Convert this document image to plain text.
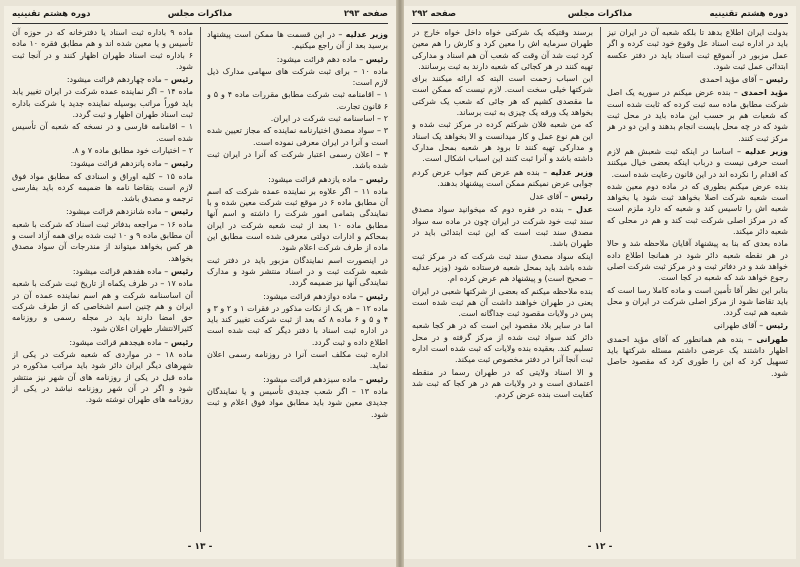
صفحه ۲۹۳
مذاکرات مجلس
دوره هشتم تقنینیه

وزیر عدلیه – در این قسمت ها ممکن است پیشنهاد برسید بعد از آن راجع میکنیم.

رئیس – ماده دهم قرائت میشود:

ماده ۱۰ – برای ثبت شرکت های سهامی مدارک ذیل لازم است:

۱ – اقامنامه ثبت شرکت مطابق مقررات ماده ۴ و ۵ و ۶ قانون تجارت.

۲ – اساسنامه ثبت شرکت در ایران.

۳ – سواد مصدق اختیارنامه نماینده که مجاز تعیین شده است و آنرا در ایران معرفی نموده است.

۴ – اعلان رسمی اعتبار شرکت که آنرا در ایران ثبت شده باشد.

رئیس – ماده یازدهم قرائت میشود:

ماده ۱۱ – اگر علاوه بر نماینده عمده شرکت که اسم آن مطابق ماده ۶ در موقع ثبت شرکت معین شده و با نمایندگی بتمامی امور شرکت را داشته و اسم آنها مطابق ماده ۱۰ بعد از ثبت شعبه شرکت در ایران بمحاکم و ادارات دولتی معرفی شده است مطابق این ماده از طرف شرکت اعلام شود.

در اینصورت اسم نمایندگان مزبور باید در دفتر ثبت شعبه شرکت ثبت و در اسناد منتشر شود و مدارک نمایندگی آنها نیز ضمیمه گردد.

رئیس – ماده دوازدهم قرائت میشود:

ماده ۱۲ – هر یک از نکات مذکور در فقرات ۱ و ۲ و ۳ و ۴ و ۵ و ۶ ماده ۸ که بعد از ثبت شرکت تغییر کند باید در اداره ثبت اسناد با دفتر دیگر که ثبت شده است اطلاع داده و ثبت گردد.

اداره ثبت مکلف است آنرا در روزنامه رسمی اعلان نماید.

رئیس – ماده سیزدهم قرائت میشود:

ماده ۱۳ – اگر شعب جدیدی تأسیس و یا نمایندگان جدیدی معین شود باید مطابق مواد فوق اعلام و ثبت شود.

ماده ۹ باداره ثبت اسناد یا دفترخانه که در حوزه آن تأسیس و یا معین شده اند و هم مطابق فقره ۱۰ ماده ۶ باداره ثبت اسناد طهران اظهار کنند و در آنجا ثبت شود.

رئیس – ماده چهاردهم قرائت میشود:

ماده ۱۴ – اگر نماینده عمده شرکت در ایران تغییر یابد باید فوراً مراتب بوسیله نماینده جدید یا شرکت باداره ثبت اسناد طهران اظهار و ثبت گردد.

۱ – اقامنامه فارسی و در نسخه که شعبه آن تأسیس شده است.

۲ – اختیارات خود مطابق ماده ۷ و ۸.

رئیس – ماده پانزدهم قرائت میشود:

ماده ۱۵ – کلیه اوراق و اسنادی که مطابق مواد فوق لازم است بتقاضا نامه ها ضمیمه کرده باید بفارسی ترجمه و مصدق باشد.

رئیس – ماده شانزدهم قرائت میشود:

ماده ۱۶ – مراجعه بدفاتر ثبت اسناد که شرکت با شعبه آن مطابق ماده ۹ و ۱۰ ثبت شده برای همه آزاد است و هر کس بخواهد میتواند از مندرجات آن سواد مصدق بخواهد.

رئیس – ماده هفدهم قرائت میشود:

ماده ۱۷ – در ظرف یکماه از تاریخ ثبت شرکت با شعبه آن اساسنامه شرکت و هم اسم نماینده عمده آن در ایران و هم چنین اسم اشخاصی که از طرف شرکت حق امضا دارند باید در مجله رسمی و روزنامه کثیرالانتشار طهران اعلان شود.

رئیس – ماده هیجدهم قرائت میشود:

ماده ۱۸ – در مواردی که شعبه شرکت در یکی از شهرهای دیگر ایران دائر شود باید مراتب مذکوره در ماده قبل در یکی از روزنامه های آن شهر نیز منتشر شود و اگر در آن شهر روزنامه نباشد در یکی از روزنامه های طهران نوشته شود.

- ۱۳ -
دوره هشتم تقنینیه
مذاکرات مجلس
صفحه ۲۹۲

بدولت ایران اطلاع بدهد تا بلکه شعبه آن در ایران نیز باید در اداره ثبت اسناد عل وقوع خود ثبت کرده و اگر عمل مزبور در آنموقع ثبت اسناد باید در دفتر عکسه ابتدائی عمل ثبت شود.

رئیس – آقای مؤید احمدی

مؤید احمدی – بنده عرض میکنم در سوریه یک اصل شرکت مطابق ماده سه ثبت کرده که ثابت شده است که شعبات هم بر حسب این ماده باید در محل ثبت شود که در چه محل بایست انجام بدهند و این دو در هر مرکز ثبت کنند.

وزیر عدلیه – اساسا در اینکه ثبت شعبش هم لازم است حرفی نیست و درباب اینکه بعضی خیال میکنند که اقدام را نکرده اند در این قانون رعایت شده است.

بنده عرض میکنم بطوری که در ماده دوم معین شده است شعبه شرکت اصلا بخواهد ثبت شود یا بخواهد شعبه اش را تاسیس کند و شعبه که دارد ملزم است که در مرکز اصلی شرکت ثبت کند و هم در محلی که شعبه دائر میکند.

ماده بعدی که بنا به پیشنهاد آقایان ملاحظه شد و حالا در هر نقطه شعبه دائر شود در همانجا اطلاع داده خواهد شد و در دفاتر ثبت و در مرکز ثبت شرکت اصلی رجوع خواهد شد که شعبه در کجا است.

بنابر این نظر آقا تأمین است و ماده کاملا رسا است که باید تقاضا شود از مرکز اصلی شرکت در ایران و محل شعبه هم ثبت گردد.

رئیس – آقای طهرانی

طهرانی – بنده هم همانطور که آقای مؤید احمدی اظهار داشتند یک عرضی داشتم مسئله شرکتها باید تسهیل کرد که این را طوری کرد که مقصود حاصل شود.

برسند وقتیکه یک شرکتی خواه داخل خواه خارج در طهران سرمایه اش را معین کرد و کارش را هم معین کرد ثبت شد آن وقت که شعب آن هم اسناد و مدارکی تهیه کنند در هر کجائی که شعبه دارند به ثبت برسانند.

این اسباب زحمت است البته که ارائه میکنند برای شرکتها خیلی سخت است. لازم نیست که ممکن است ما مقصدی کشیم که هر جائی که شعب یک شرکتی بخواهد یک ورقه یک چیزی به ثبت برساند.

که من شعبه فلان شرکتم کرده در مرکز ثبت شده و این هم نوع عمل و کار میدانست و الا بخواهد یک اسناد و مدارکی تهیه کنند تا برود هر شعبه بمحل مدارک داشته باشد و آنرا ثبت کنند این اسباب اشکال است.

وزیر عدلیه – بنده هم عرض کنم جواب عرض کردم جوابی عرض نمیکنم ممکن است پیشنهاد بدهند.

رئیس – آقای عدل

عدل – بنده در فقره دوم که میخوانید سواد مصدق سند ثبت خود شرکت در ایران چون در ماده سه سواد مصدق سند ثبت است که این ثبت ابتدائی باید در طهران باشد.

اینکه سواد مصدق سند ثبت شرکت که در مرکز ثبت شده باشد باید بمحل شعبه فرستاده شود (وزیر عدلیه – صحیح است) و پیشنهاد هم عرض کرده ام.

بنده ملاحظه میکنم که بعضی از شرکتها شعبی در ایران یعنی در طهران خواهند داشت آن هم ثبت شده است پس در ولایات مقصود ثبت جداگانه است.

اما در سایر بلاد مقصود این است که در هر کجا شعبه دائر کند سواد ثبت شده از مرکز گرفته و در محل تسلیم کند. بعقیده بنده ولایات که ثبت شده است اداره ثبت آنجا آنرا در دفتر مخصوص ثبت میکند.

و الا اسناد ولایتی که در طهران رسما در منقطه اعتمادی است و در ولایات هم در هر کجا که ثبت شد کفایت است بنده عرض کردم.

- ۱۲ -
